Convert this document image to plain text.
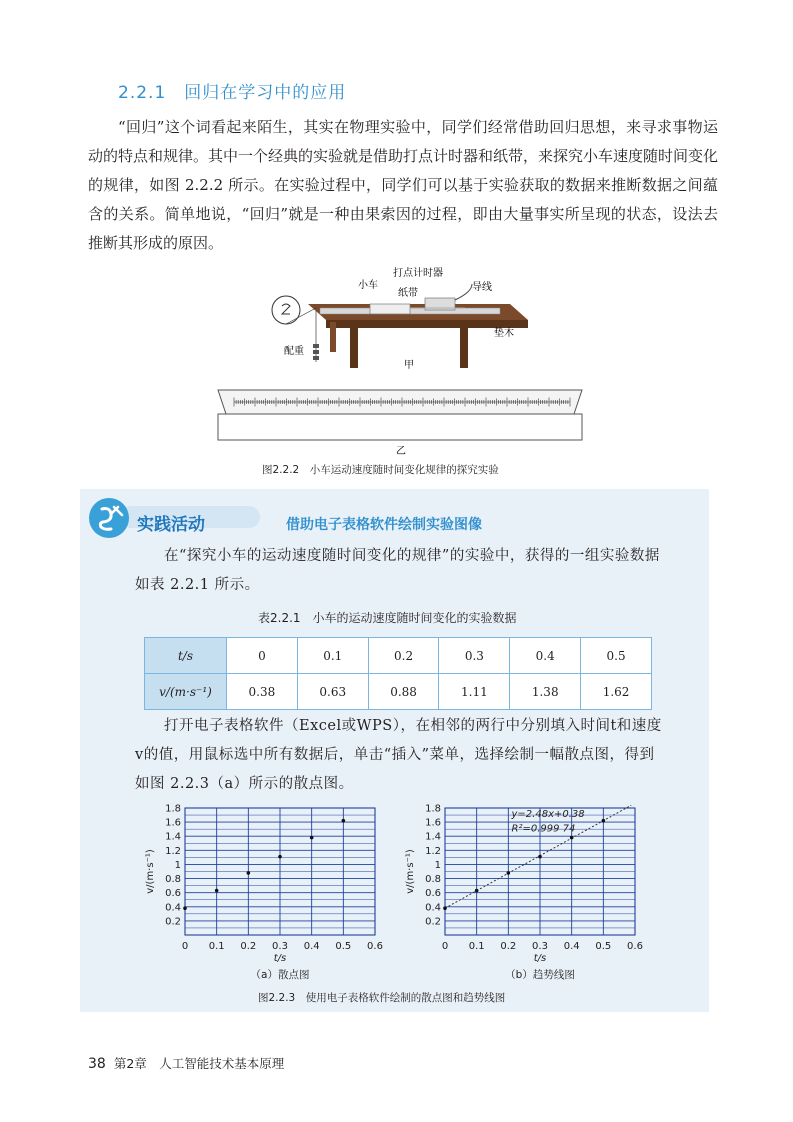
2.2.1 回归在学习中的应用

“回归”这个词看起来陌生，其实在物理实验中，同学们经常借助回归思想，来寻求事物运动的特点和规律。其中一个经典的实验就是借助打点计时器和纸带，来探究小车速度随时间变化的规律，如图 2.2.2 所示。在实验过程中，同学们可以基于实验获取的数据来推断数据之间蕴含的关系。简单地说，“回归”就是一种由果索因的过程，即由大量事实所呈现的状态，设法去推断其形成的原因。

打点计时器
小车
纸带
导线
垫木
配重
甲
乙
图2.2.2　小车运动速度随时间变化规律的探究实验
实践活动	借助电子表格软件绘制实验图像

在“探究小车的运动速度随时间变化的规律”的实验中，获得的一组实验数据如表 2.2.1 所示。

表2.2.1　小车的运动速度随时间变化的实验数据
t/s	0	0.1	0.2	0.3	0.4	0.5
v/(m·s⁻¹)	0.38	0.63	0.88	1.11	1.38	1.62

打开电子表格软件（Excel或WPS），在相邻的两行中分别填入时间t和速度v的值，用鼠标选中所有数据后，单击“插入”菜单，选择绘制一幅散点图，得到如图 2.2.3（a）所示的散点图。

0.2
0.4
0.6
0.8
1
1.2
1.4
1.6
1.8
0 0.1 0.2 0.3 0.4 0.5 0.6
t/s
v/(m·s⁻¹)
（a）散点图
0.2
0.4
0.6
0.8
1
1.2
1.4
1.6
1.8
0 0.1 0.2 0.3 0.4 0.5 0.6
t/s
v/(m·s⁻¹)
y=2.48x+0.38
R²=0.999 74
（b）趋势线图
图2.2.3　使用电子表格软件绘制的散点图和趋势线图
38 第2章　人工智能技术基本原理
